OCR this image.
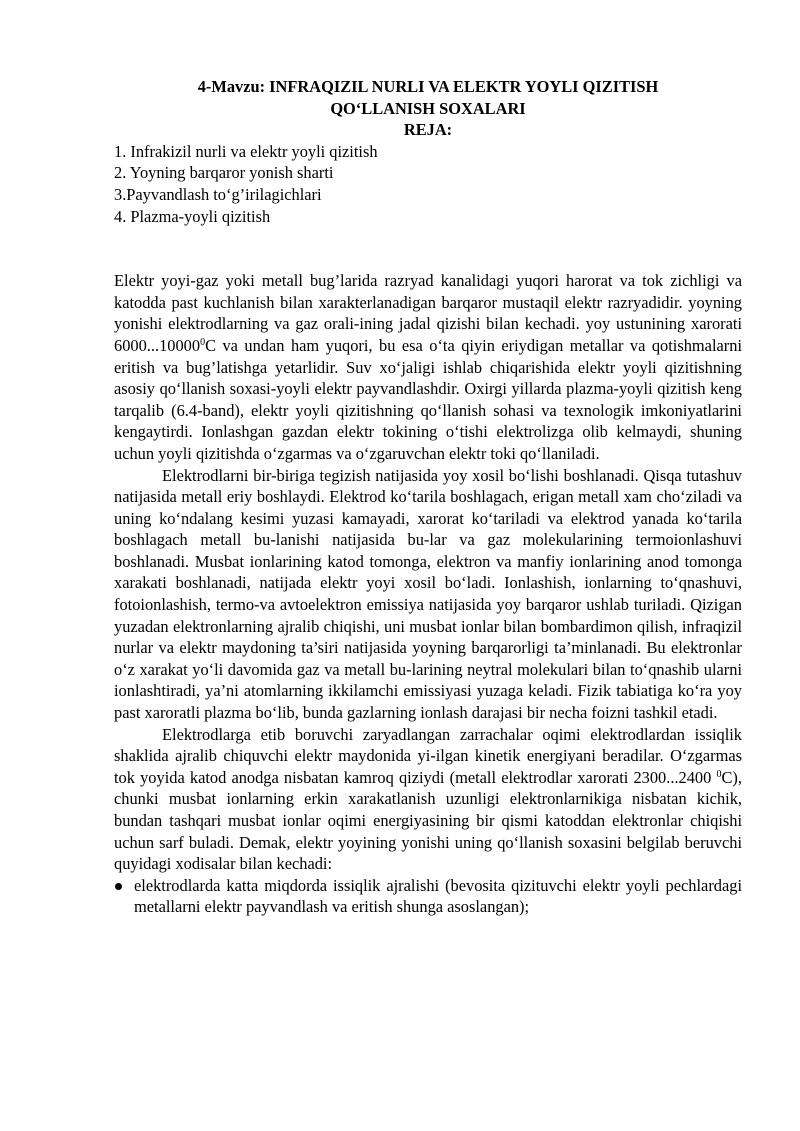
4-Mavzu: INFRAQIZIL NURLI VA ELEKTR YOYLI QIZITISH
QO‘LLANISH SOXALARI
REJA:
1. Infrakizil nurli va elektr yoyli qizitish
2. Yoyning barqaror yonish sharti
3.Payvandlash to‘g’irilagichlari
4. Plazma-yoyli qizitish

Elektr yoyi-gaz yoki metall bug’larida razryad kanalidagi yuqori harorat va tok zichligi va katodda past kuchlanish bilan xarakterlanadigan barqaror mustaqil elektr razryadidir. yoyning yonishi elektrodlarning va gaz orali-ining jadal qizishi bilan kechadi. yoy ustunining xarorati 6000...10000$^0$C va undan ham yuqori, bu esa o‘ta qiyin eriydigan metallar va qotishmalarni eritish va bug’latishga yetarlidir. Suv xo‘jaligi ishlab chiqarishida elektr yoyli qizitishning asosiy qo‘llanish soxasi-yoyli elektr payvandlashdir. Oxirgi yillarda plazma-yoyli qizitish keng tarqalib (6.4-band), elektr yoyli qizitishning qo‘llanish sohasi va texnologik imkoniyatlarini kengaytirdi. Ionlashgan gazdan elektr tokining o‘tishi elektrolizga olib kelmaydi, shuning uchun yoyli qizitishda o‘zgarmas va o‘zgaruvchan elektr toki qo‘llaniladi.

Elektrodlarni bir-biriga tegizish natijasida yoy xosil bo‘lishi boshlanadi. Qisqa tutashuv natijasida metall eriy boshlaydi. Elektrod ko‘tarila boshlagach, erigan metall xam cho‘ziladi va uning ko‘ndalang kesimi yuzasi kamayadi, xarorat ko‘tariladi va elektrod yanada ko‘tarila boshlagach metall bu-lanishi natijasida bu-lar va gaz molekularining termoionlashuvi boshlanadi. Musbat ionlarining katod tomonga, elektron va manfiy ionlarining anod tomonga xarakati boshlanadi, natijada elektr yoyi xosil bo‘ladi. Ionlashish, ionlarning to‘qnashuvi, fotoionlashish, termo-va avtoelektron emissiya natijasida yoy barqaror ushlab turiladi. Qizigan yuzadan elektronlarning ajralib chiqishi, uni musbat ionlar bilan bombardimon qilish, infraqizil nurlar va elektr maydoning ta’siri natijasida yoyning barqarorligi ta’minlanadi. Bu elektronlar o‘z xarakat yo‘li davomida gaz va metall bu-larining neytral molekulari bilan to‘qnashib ularni ionlashtiradi, ya’ni atomlarning ikkilamchi emissiyasi yuzaga keladi. Fizik tabiatiga ko‘ra yoy past xaroratli plazma bo‘lib, bunda gazlarning ionlash darajasi bir necha foizni tashkil etadi.

Elektrodlarga etib boruvchi zaryadlangan zarrachalar oqimi elektrodlardan issiqlik shaklida ajralib chiquvchi elektr maydonida yi-ilgan kinetik energiyani beradilar. O‘zgarmas tok yoyida katod anodga nisbatan kamroq qiziydi (metall elektrodlar xarorati 2300...2400 $^0$C), chunki musbat ionlarning erkin xarakatlanish uzunligi elektronlarnikiga nisbatan kichik, bundan tashqari musbat ionlar oqimi energiyasining bir qismi katoddan elektronlar chiqishi uchun sarf buladi. Demak, elektr yoyining yonishi uning qo‘llanish soxasini belgilab beruvchi quyidagi xodisalar bilan kechadi:

elektrodlarda katta miqdorda issiqlik ajralishi (bevosita qizituvchi elektr yoyli pechlardagi metallarni elektr payvandlash va eritish shunga asoslangan);
